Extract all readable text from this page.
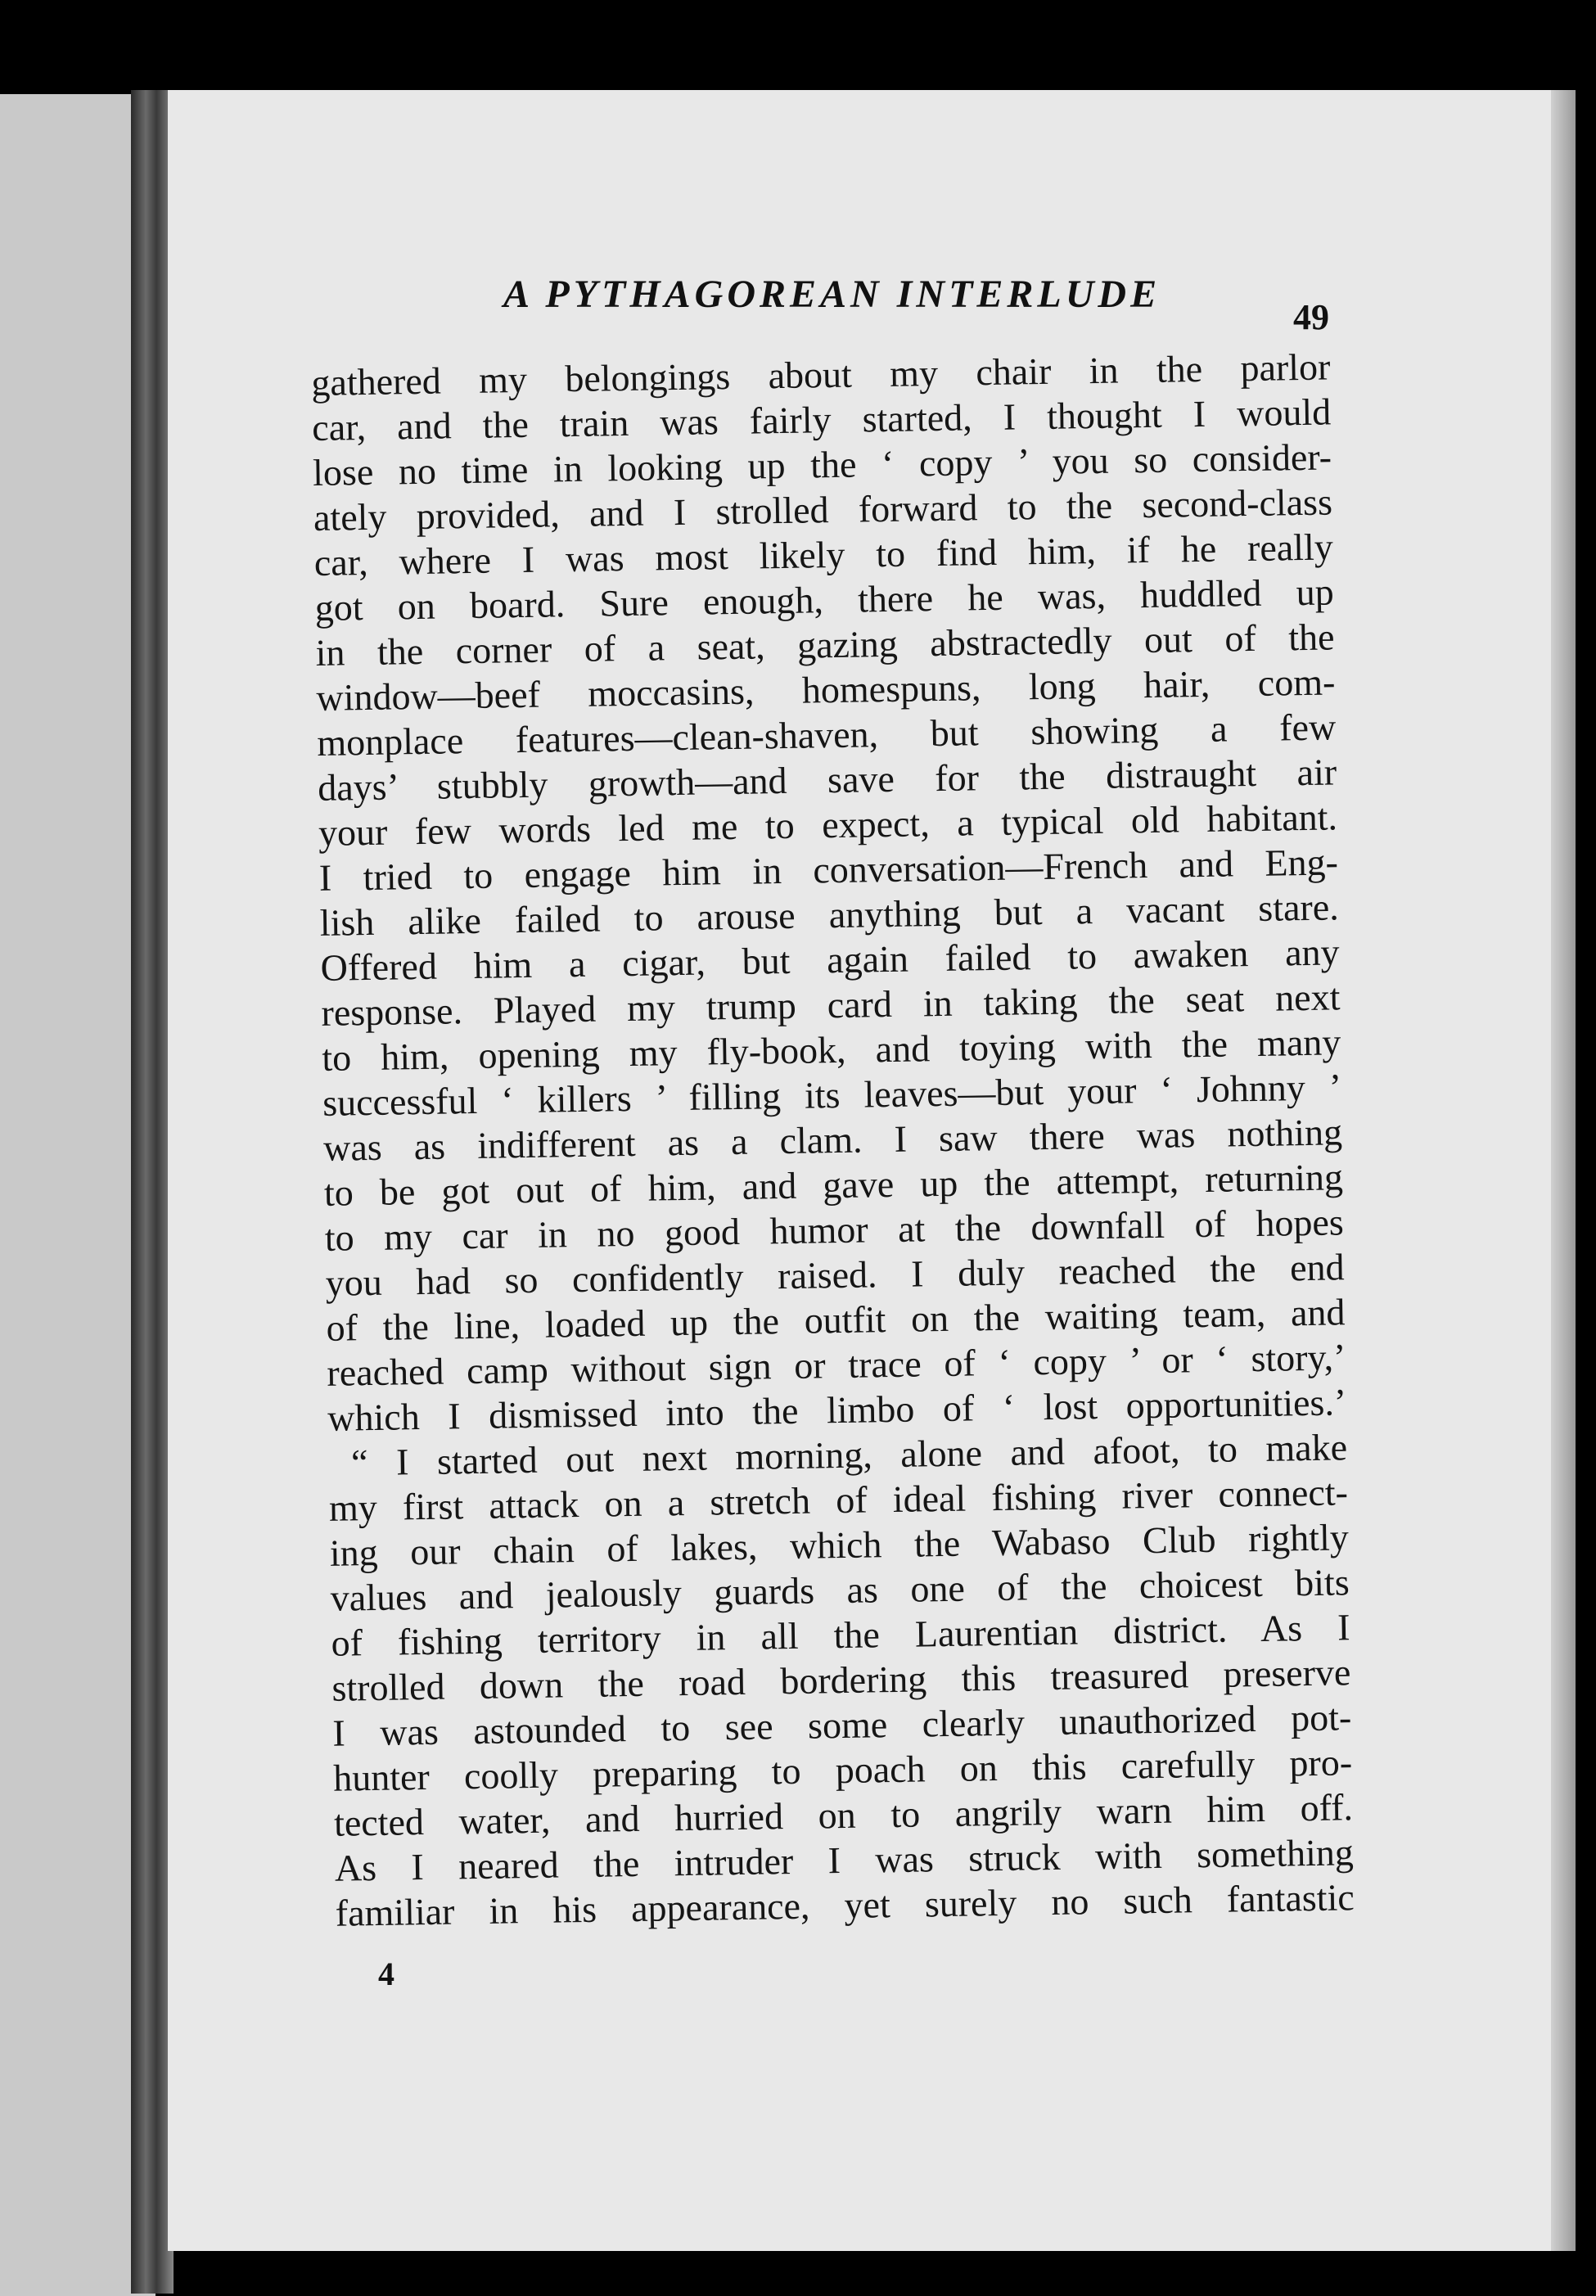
A PYTHAGOREAN INTERLUDE
49
gathered my belongings about my chair in the parlor
car, and the train was fairly started, I thought I would
lose no time in looking up the ‘ copy ’ you so consider-
ately provided, and I strolled forward to the second-class
car, where I was most likely to find him, if he really
got on board. Sure enough, there he was, huddled up
in the corner of a seat, gazing abstractedly out of the
window—beef moccasins, homespuns, long hair, com-
monplace features—clean-shaven, but showing a few
days’ stubbly growth—and save for the distraught air
your few words led me to expect, a typical old habitant.
I tried to engage him in conversation—French and Eng-
lish alike failed to arouse anything but a vacant stare.
Offered him a cigar, but again failed to awaken any
response. Played my trump card in taking the seat next
to him, opening my fly-book, and toying with the many
successful ‘ killers ’ filling its leaves—but your ‘ Johnny ’
was as indifferent as a clam. I saw there was nothing
to be got out of him, and gave up the attempt, returning
to my car in no good humor at the downfall of hopes
you had so confidently raised. I duly reached the end
of the line, loaded up the outfit on the waiting team, and
reached camp without sign or trace of ‘ copy ’ or ‘ story,’
which I dismissed into the limbo of ‘ lost opportunities.’
“ I started out next morning, alone and afoot, to make
my first attack on a stretch of ideal fishing river connect-
ing our chain of lakes, which the Wabaso Club rightly
values and jealously guards as one of the choicest bits
of fishing territory in all the Laurentian district. As I
strolled down the road bordering this treasured preserve
I was astounded to see some clearly unauthorized pot-
hunter coolly preparing to poach on this carefully pro-
tected water, and hurried on to angrily warn him off.
As I neared the intruder I was struck with something
familiar in his appearance, yet surely no such fantastic
4
